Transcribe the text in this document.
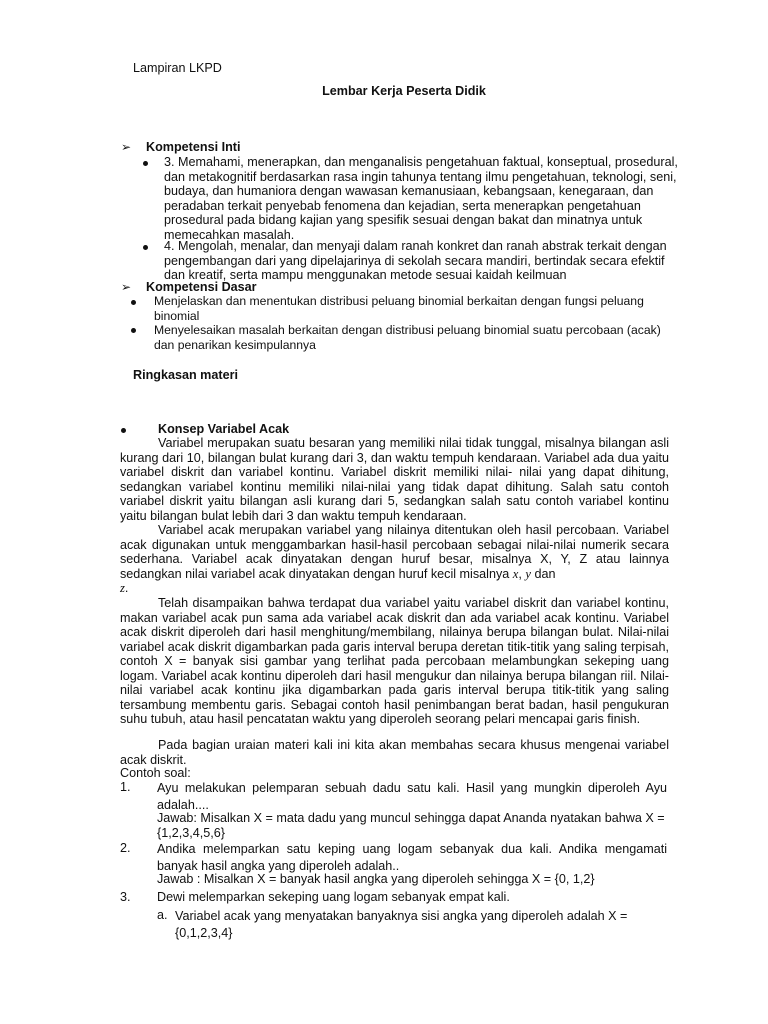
Lampiran LKPD
Lembar Kerja Peserta Didik
➢ Kompetensi Inti

3. Memahami, menerapkan, dan menganalisis pengetahuan faktual, konseptual, prosedural, dan metakognitif berdasarkan rasa ingin tahunya tentang ilmu pengetahuan, teknologi, seni, budaya, dan humaniora dengan wawasan kemanusiaan, kebangsaan, kenegaraan, dan peradaban terkait penyebab fenomena dan kejadian, serta menerapkan pengetahuan prosedural pada bidang kajian yang spesifik sesuai dengan bakat dan minatnya untuk memecahkan masalah.

4. Mengolah, menalar, dan menyaji dalam ranah konkret dan ranah abstrak terkait dengan pengembangan dari yang dipelajarinya di sekolah secara mandiri, bertindak secara efektif dan kreatif, serta mampu menggunakan metode sesuai kaidah keilmuan

➢ Kompetensi Dasar

Menjelaskan dan menentukan distribusi peluang binomial berkaitan dengan fungsi peluang binomial

Menyelesaikan masalah berkaitan dengan distribusi peluang binomial suatu percobaan (acak) dan penarikan kesimpulannya

Ringkasan materi
Konsep Variabel Acak

Variabel merupakan suatu besaran yang memiliki nilai tidak tunggal, misalnya bilangan asli kurang dari 10, bilangan bulat kurang dari 3, dan waktu tempuh kendaraan. Variabel ada dua yaitu variabel diskrit dan variabel kontinu. Variabel diskrit memiliki nilai- nilai yang dapat dihitung, sedangkan variabel kontinu memiliki nilai-nilai yang tidak dapat dihitung. Salah satu contoh variabel diskrit yaitu bilangan asli kurang dari 5, sedangkan salah satu contoh variabel kontinu yaitu bilangan bulat lebih dari 3 dan waktu tempuh kendaraan.

Variabel acak merupakan variabel yang nilainya ditentukan oleh hasil percobaan. Variabel acak digunakan untuk menggambarkan hasil-hasil percobaan sebagai nilai-nilai numerik secara sederhana. Variabel acak dinyatakan dengan huruf besar, misalnya X, Y, Z atau lainnya sedangkan nilai variabel acak dinyatakan dengan huruf kecil misalnya x, y dan
z.

Telah disampaikan bahwa terdapat dua variabel yaitu variabel diskrit dan variabel kontinu, makan variabel acak pun sama ada variabel acak diskrit dan ada variabel acak kontinu. Variabel acak diskrit diperoleh dari hasil menghitung/membilang, nilainya berupa bilangan bulat. Nilai-nilai variabel acak diskrit digambarkan pada garis interval berupa deretan titik-titik yang saling terpisah, contoh X = banyak sisi gambar yang terlihat pada percobaan melambungkan sekeping uang logam. Variabel acak kontinu diperoleh dari hasil mengukur dan nilainya berupa bilangan riil. Nilai-nilai variabel acak kontinu jika digambarkan pada garis interval berupa titik-titik yang saling tersambung membentu garis. Sebagai contoh hasil penimbangan berat badan, hasil pengukuran suhu tubuh, atau hasil pencatatan waktu yang diperoleh seorang pelari mencapai garis finish.

Pada bagian uraian materi kali ini kita akan membahas secara khusus mengenai variabel acak diskrit.

Contoh soal:
1. Ayu melakukan pelemparan sebuah dadu satu kali. Hasil yang mungkin diperoleh Ayu adalah....

Jawab: Misalkan X = mata dadu yang muncul sehingga dapat Ananda nyatakan bahwa X = {1,2,3,4,5,6}

2. Andika melemparkan satu keping uang logam sebanyak dua kali. Andika mengamati banyak hasil angka yang diperoleh adalah..

Jawab : Misalkan X = banyak hasil angka yang diperoleh sehingga X = {0, 1,2}

3. Dewi melemparkan sekeping uang logam sebanyak empat kali.

a. Variabel acak yang menyatakan banyaknya sisi angka yang diperoleh adalah X = {0,1,2,3,4}
